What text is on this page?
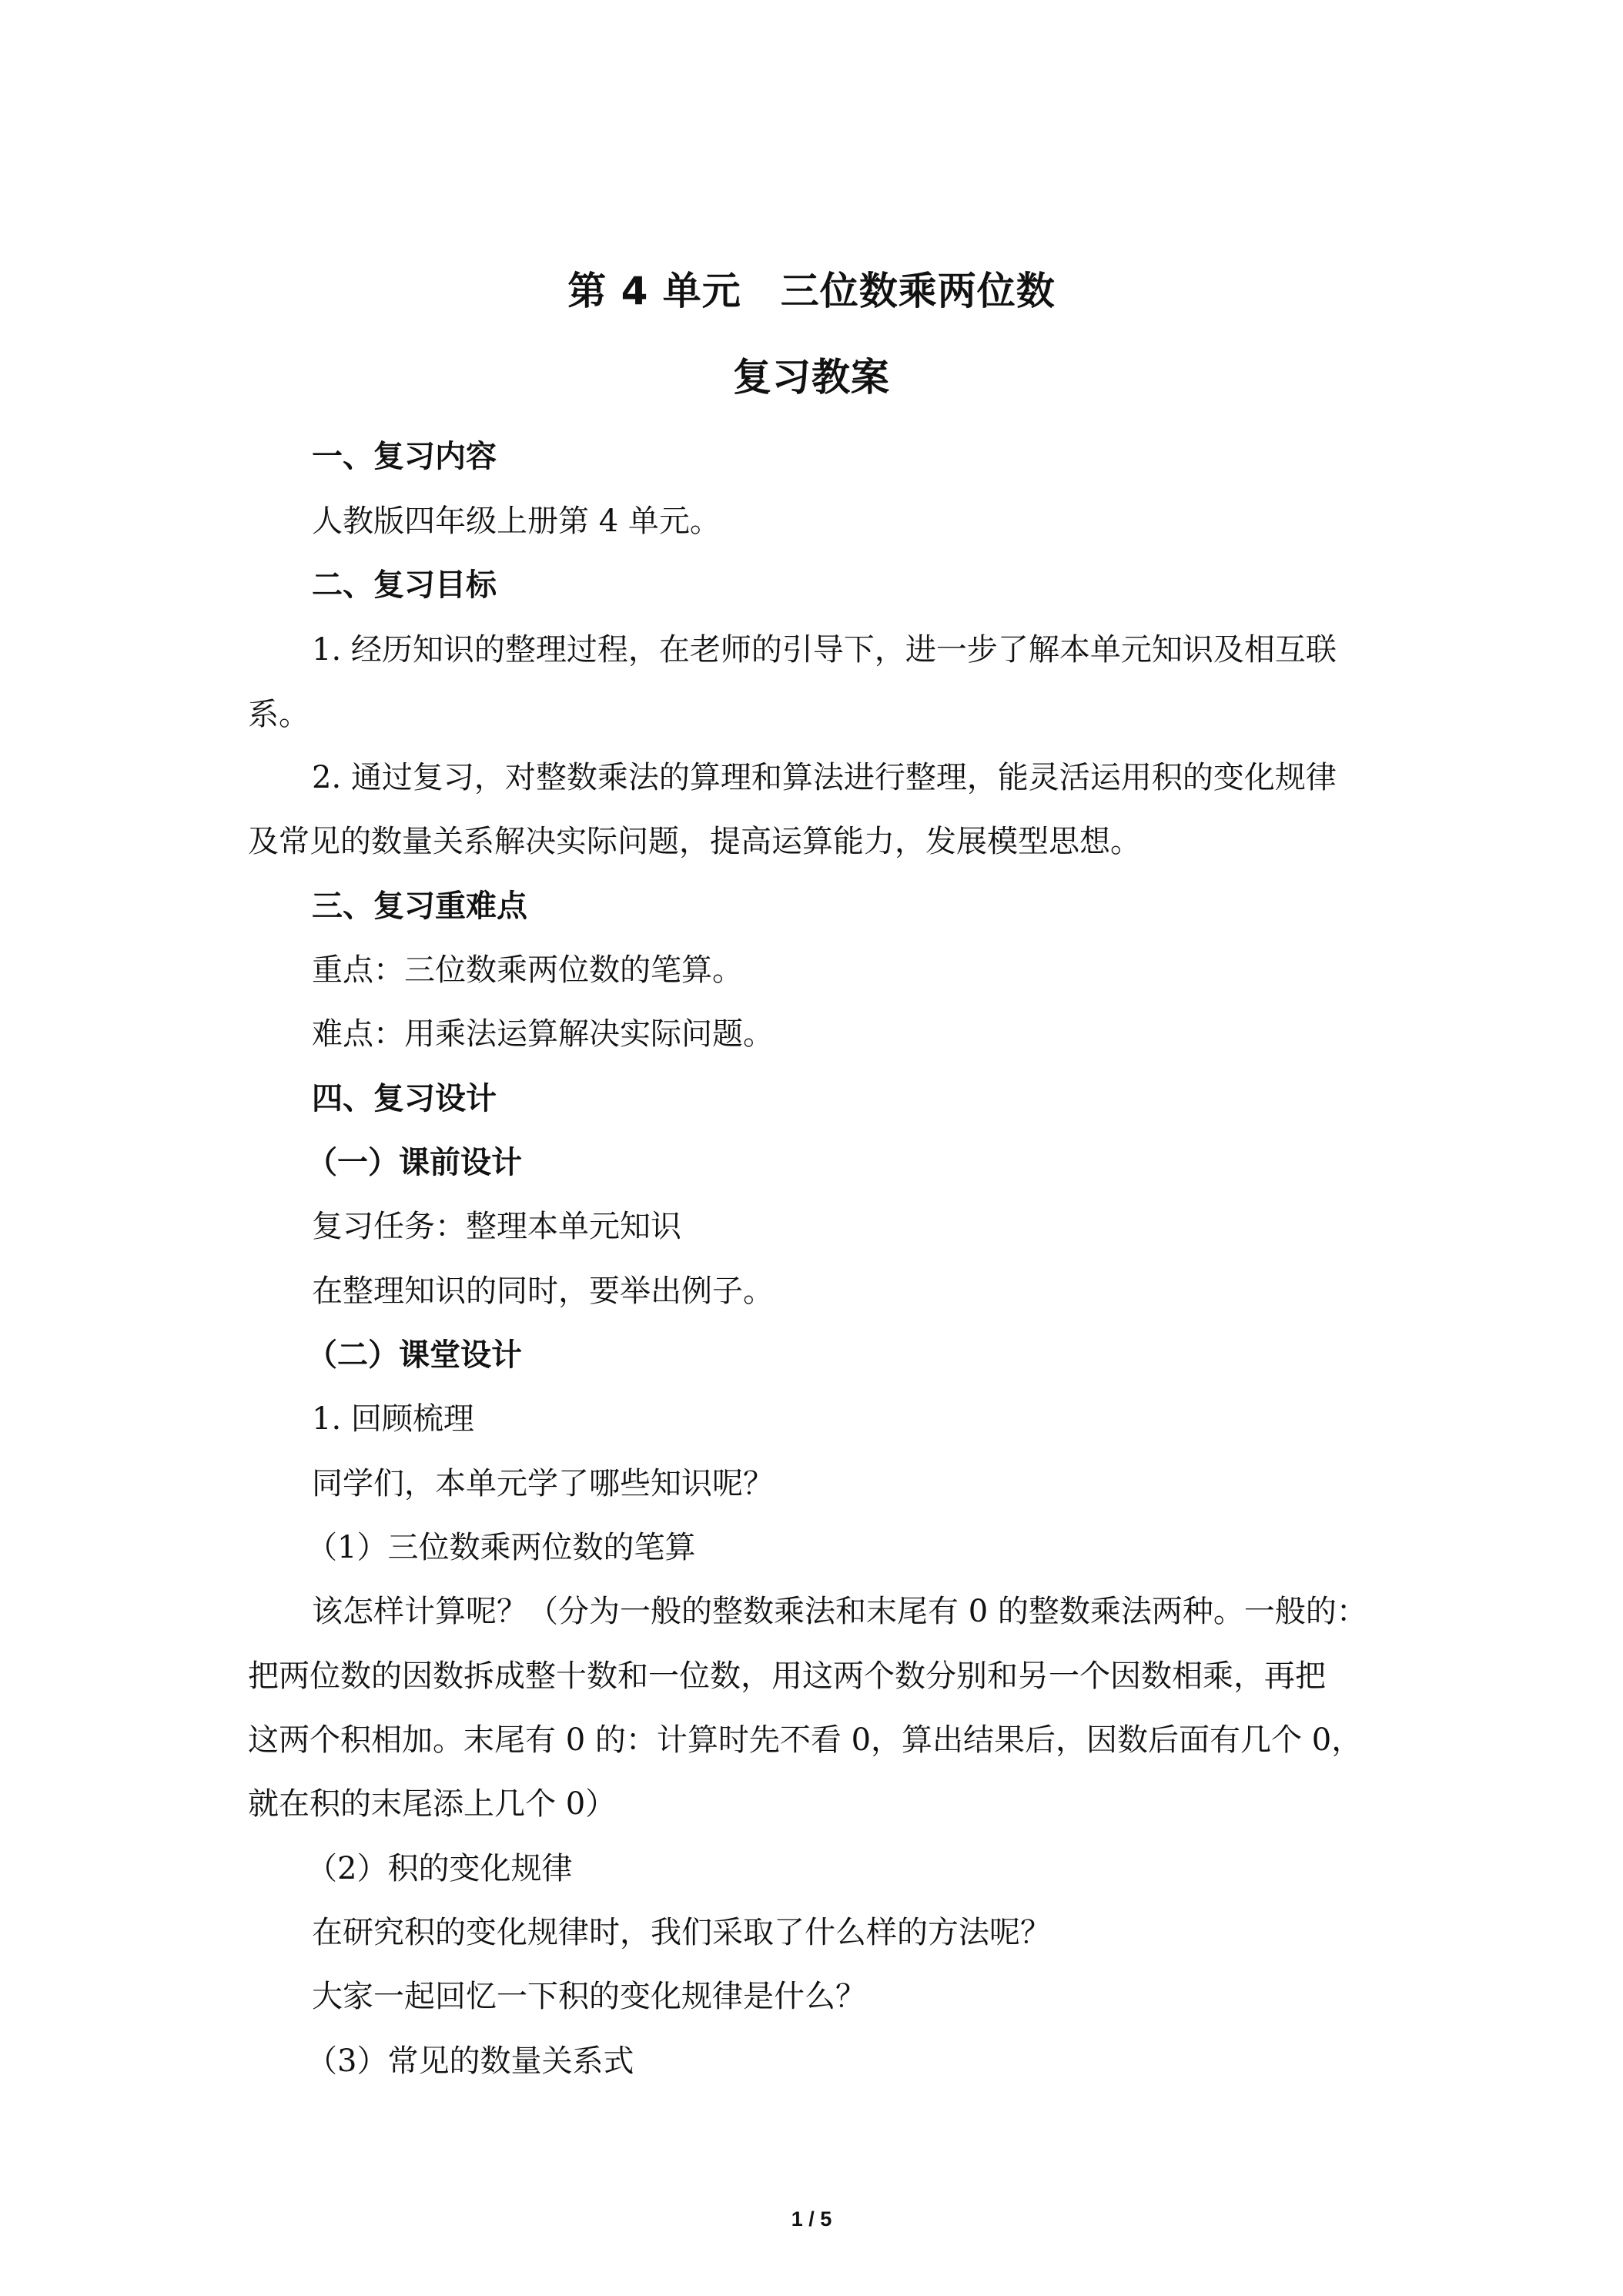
第 4 单元　三位数乘两位数
复习教案
一、复习内容
人教版四年级上册第 4 单元。
二、复习目标
1. 经历知识的整理过程，在老师的引导下，进一步了解本单元知识及相互联
系。
2. 通过复习，对整数乘法的算理和算法进行整理，能灵活运用积的变化规律
及常见的数量关系解决实际问题，提高运算能力，发展模型思想。
三、复习重难点
重点：三位数乘两位数的笔算。
难点：用乘法运算解决实际问题。
四、复习设计
（一）课前设计
复习任务：整理本单元知识
在整理知识的同时，要举出例子。
（二）课堂设计
1. 回顾梳理
同学们，本单元学了哪些知识呢？
（1）三位数乘两位数的笔算
该怎样计算呢？（分为一般的整数乘法和末尾有 0 的整数乘法两种。一般的：
把两位数的因数拆成整十数和一位数，用这两个数分别和另一个因数相乘，再把
这两个积相加。末尾有 0 的：计算时先不看 0，算出结果后，因数后面有几个 0，
就在积的末尾添上几个 0）
（2）积的变化规律
在研究积的变化规律时，我们采取了什么样的方法呢？
大家一起回忆一下积的变化规律是什么？
（3）常见的数量关系式
1 / 5
